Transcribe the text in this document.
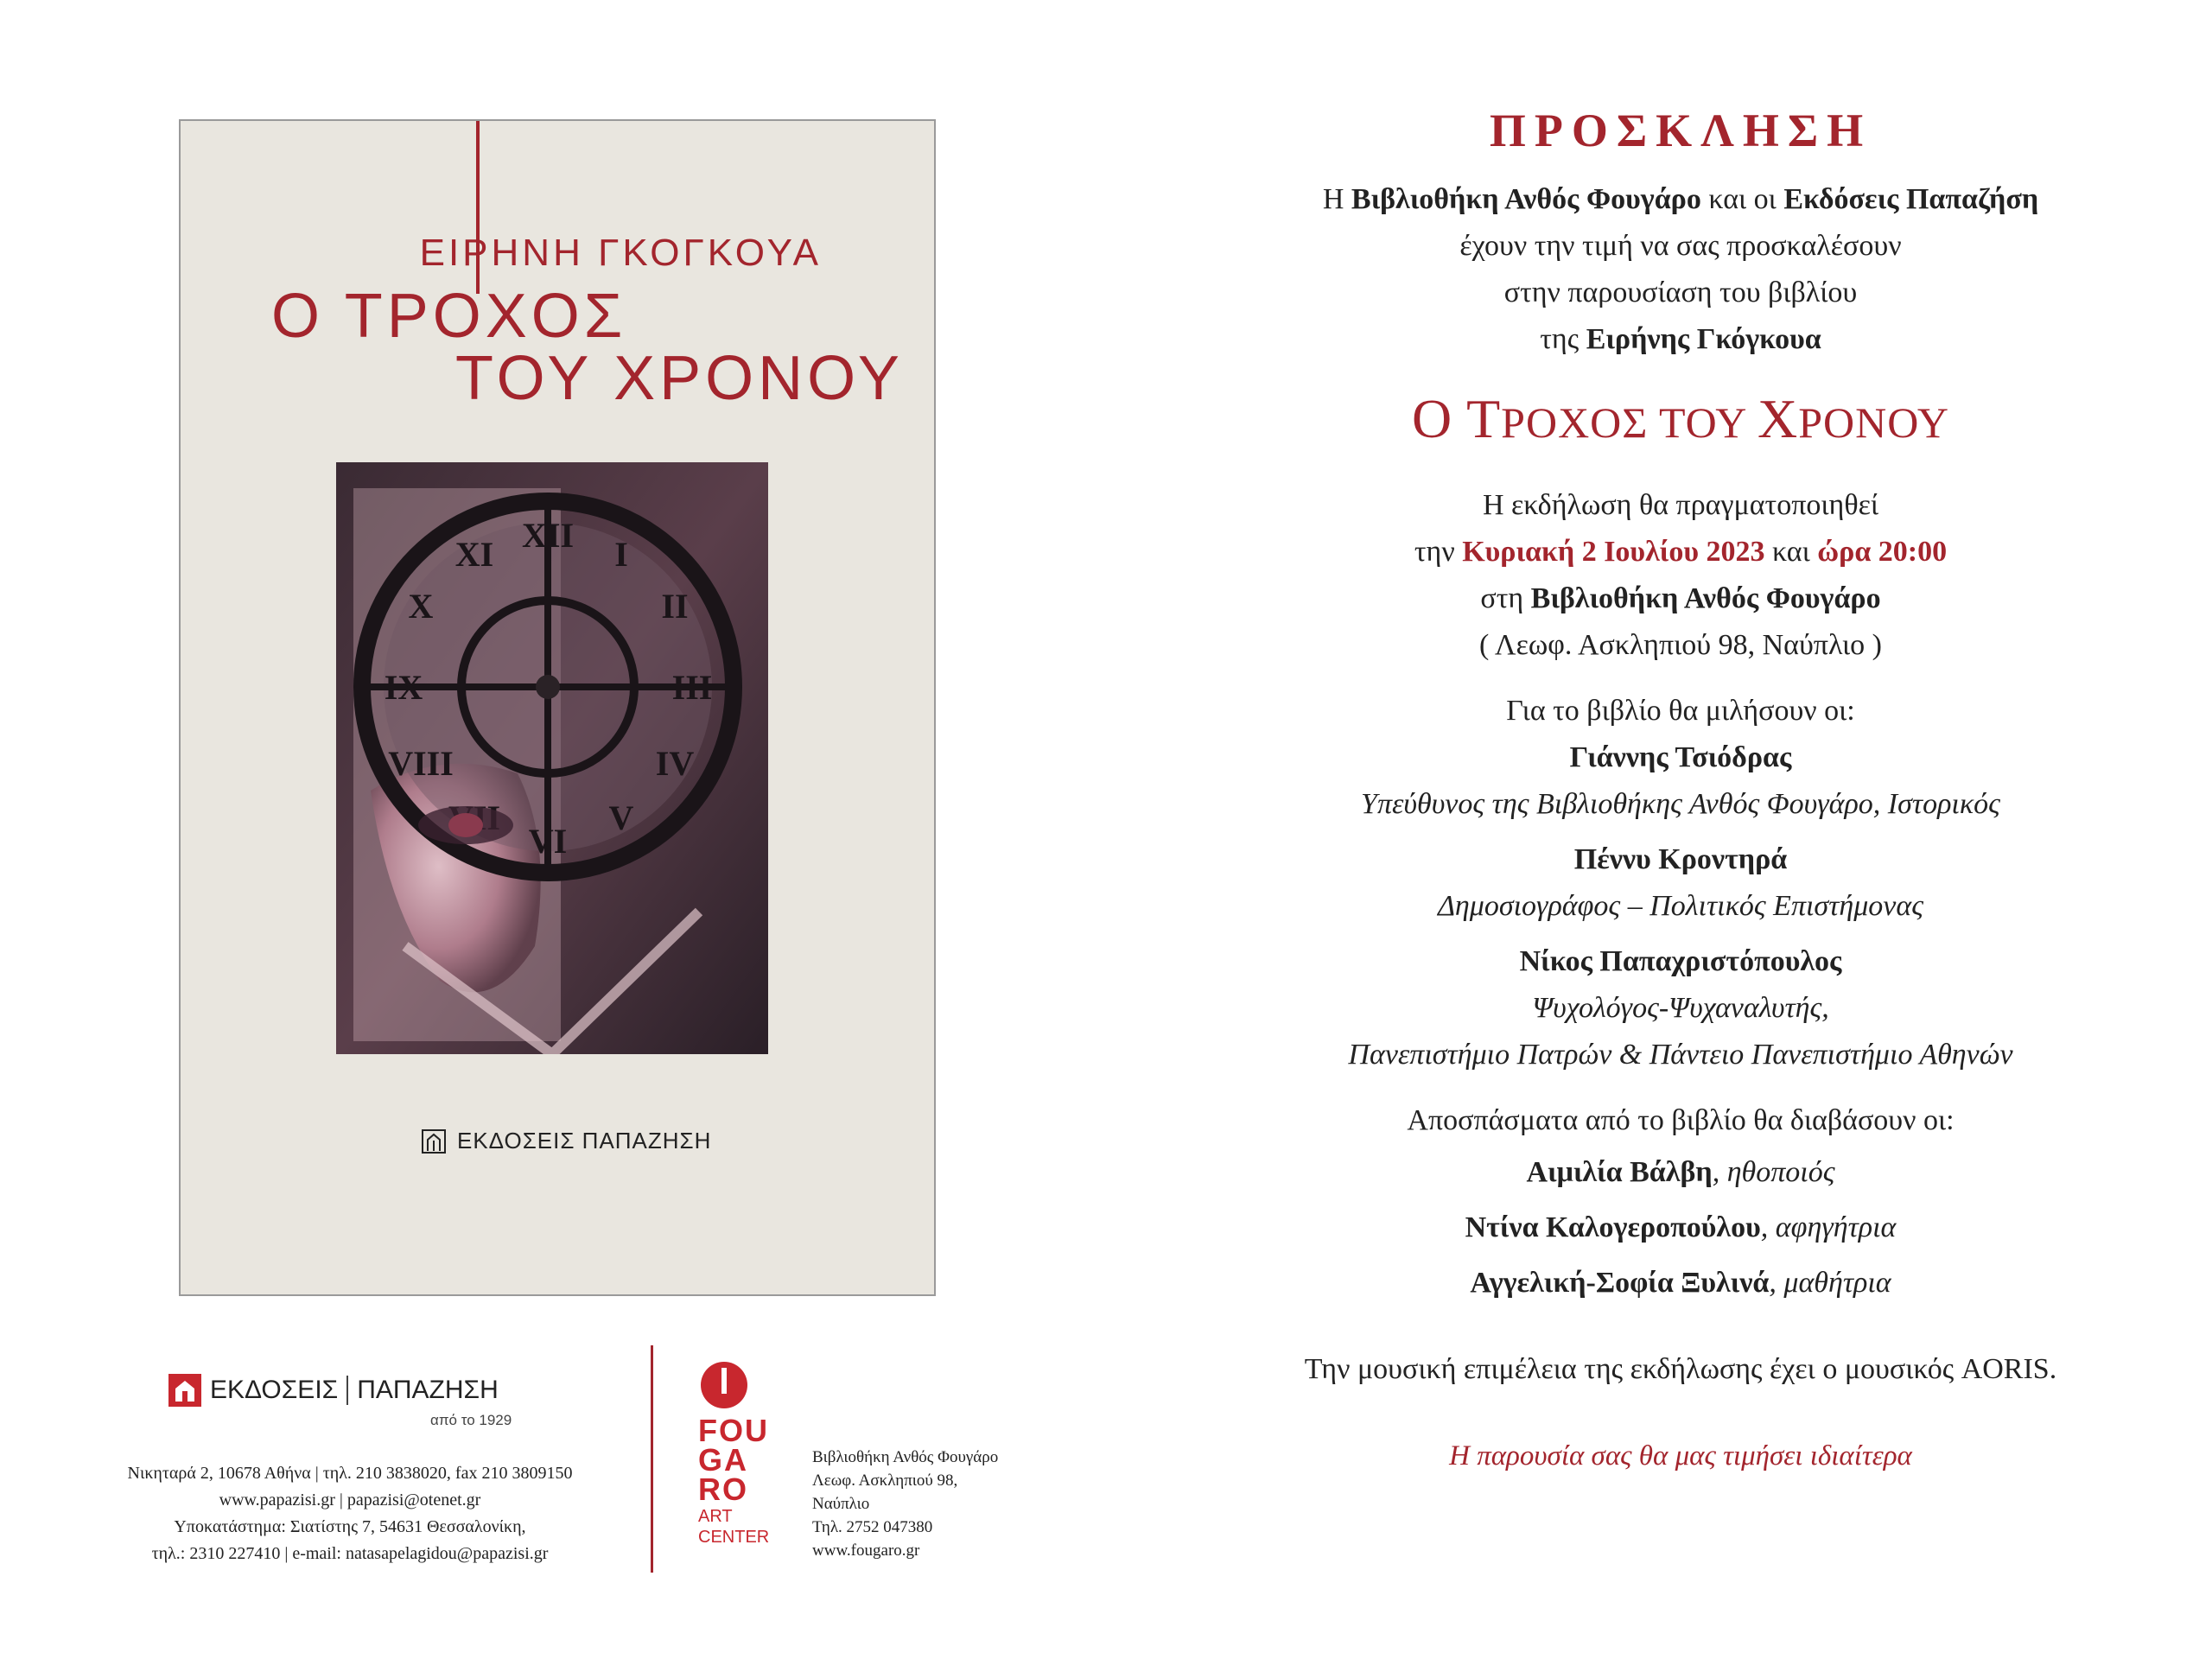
ΕΙΡΗΝΗ ΓΚΟΓΚΟΥΑ
Ο ΤΡΟΧΟΣ
ΤΟΥ ΧΡΟΝΟΥ
XII I
II
III
IV
V
VI
VIII
IX
X
XI
ΕΚΔΟΣΕΙΣ ΠΑΠΑΖΗΣΗ
ΕΚΔΟΣΕΙΣ ΠΑΠΑΖΗΣΗ
από το 1929
Νικηταρά 2, 10678 Αθήνα | τηλ. 210 3838020, fax 210 3809150
www.papazisi.gr | papazisi@otenet.gr
Υποκατάστημα: Σιατίστης 7, 54631 Θεσσαλονίκη,
τηλ.: 2310 227410 | e-mail: natasapelagidou@papazisi.gr
FOU
GA
RO
ART
CENTER
Βιβλιοθήκη Ανθός Φουγάρο
Λεωφ. Ασκληπιού 98,
Ναύπλιο
Τηλ. 2752 047380
www.fougaro.gr
ΠΡΟΣΚΛΗΣΗ
Η Βιβλιοθήκη Ανθός Φουγάρο και οι Εκδόσεις Παπαζήση
έχουν την τιμή να σας προσκαλέσουν
στην παρουσίαση του βιβλίου
της Ειρήνης Γκόγκουα
Ο ΤΡΟΧΟΣ ΤΟΥ ΧΡΟΝΟΥ
Η εκδήλωση θα πραγματοποιηθεί
την Κυριακή 2 Ιουλίου 2023 και ώρα 20:00
στη Βιβλιοθήκη Ανθός Φουγάρο
( Λεωφ. Ασκληπιού 98, Ναύπλιο )
Για το βιβλίο θα μιλήσουν οι:
Γιάννης Τσιόδρας
Υπεύθυνος της Βιβλιοθήκης Ανθός Φουγάρο, Ιστορικός
Πέννυ Κροντηρά
Δημοσιογράφος – Πολιτικός Επιστήμονας
Νίκος Παπαχριστόπουλος
Ψυχολόγος-Ψυχαναλυτής,
Πανεπιστήμιο Πατρών & Πάντειο Πανεπιστήμιο Αθηνών
Αποσπάσματα από το βιβλίο θα διαβάσουν οι:
Αιμιλία Βάλβη, ηθοποιός
Ντίνα Καλογεροπούλου, αφηγήτρια
Αγγελική-Σοφία Ξυλινά, μαθήτρια
Την μουσική επιμέλεια της εκδήλωσης έχει ο μουσικός AORIS.
Η παρουσία σας θα μας τιμήσει ιδιαίτερα
